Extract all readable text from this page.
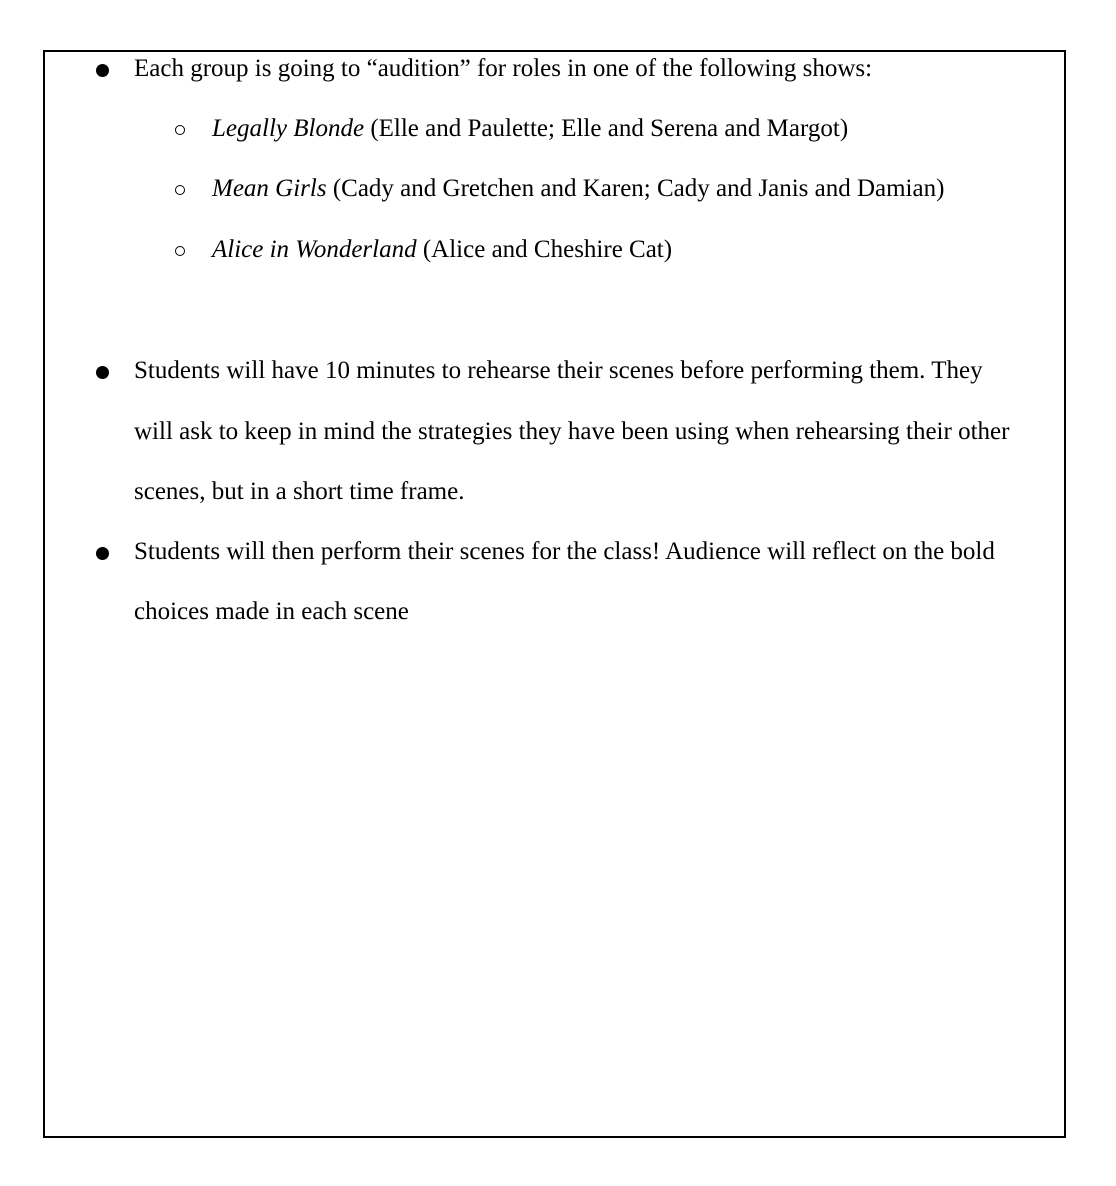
Each group is going to “audition” for roles in one of the following shows:
Legally Blonde (Elle and Paulette; Elle and Serena and Margot)
Mean Girls (Cady and Gretchen and Karen; Cady and Janis and Damian)
Alice in Wonderland (Alice and Cheshire Cat)
Students will have 10 minutes to rehearse their scenes before performing them. They
will ask to keep in mind the strategies they have been using when rehearsing their other
scenes, but in a short time frame.
Students will then perform their scenes for the class! Audience will reflect on the bold
choices made in each scene
